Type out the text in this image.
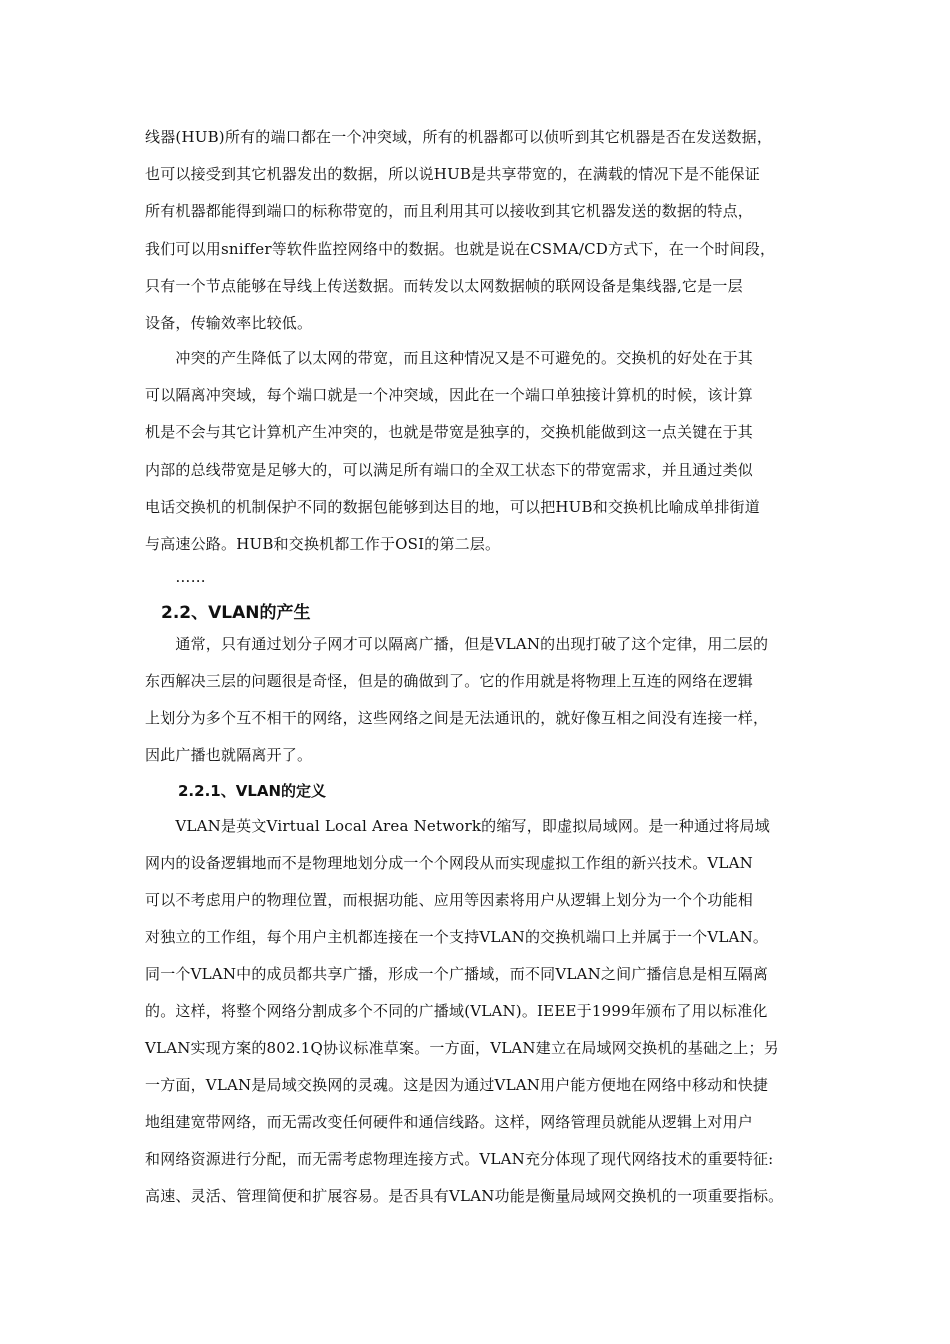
线器(HUB)所有的端口都在一个冲突域，所有的机器都可以侦听到其它机器是否在发送数据，
也可以接受到其它机器发出的数据，所以说HUB是共享带宽的，在满载的情况下是不能保证
所有机器都能得到端口的标称带宽的，而且利用其可以接收到其它机器发送的数据的特点，
我们可以用sniffer等软件监控网络中的数据。也就是说在CSMA/CD方式下，在一个时间段，
只有一个节点能够在导线上传送数据。而转发以太网数据帧的联网设备是集线器,它是一层
设备，传输效率比较低。
　　冲突的产生降低了以太网的带宽，而且这种情况又是不可避免的。交换机的好处在于其
可以隔离冲突域，每个端口就是一个冲突域，因此在一个端口单独接计算机的时候，该计算
机是不会与其它计算机产生冲突的，也就是带宽是独享的，交换机能做到这一点关键在于其
内部的总线带宽是足够大的，可以满足所有端口的全双工状态下的带宽需求，并且通过类似
电话交换机的机制保护不同的数据包能够到达目的地，可以把HUB和交换机比喻成单排街道
与高速公路。HUB和交换机都工作于OSI的第二层。
　　……
2.2、VLAN的产生
　　通常，只有通过划分子网才可以隔离广播，但是VLAN的出现打破了这个定律，用二层的
东西解决三层的问题很是奇怪，但是的确做到了。它的作用就是将物理上互连的网络在逻辑
上划分为多个互不相干的网络，这些网络之间是无法通讯的，就好像互相之间没有连接一样，
因此广播也就隔离开了。
2.2.1、VLAN的定义
　　VLAN是英文Virtual Local Area Network的缩写，即虚拟局域网。是一种通过将局域
网内的设备逻辑地而不是物理地划分成一个个网段从而实现虚拟工作组的新兴技术。VLAN
可以不考虑用户的物理位置，而根据功能、应用等因素将用户从逻辑上划分为一个个功能相
对独立的工作组，每个用户主机都连接在一个支持VLAN的交换机端口上并属于一个VLAN。
同一个VLAN中的成员都共享广播，形成一个广播域，而不同VLAN之间广播信息是相互隔离
的。这样，将整个网络分割成多个不同的广播域(VLAN)。IEEE于1999年颁布了用以标准化
VLAN实现方案的802.1Q协议标准草案。一方面，VLAN建立在局域网交换机的基础之上；另
一方面，VLAN是局域交换网的灵魂。这是因为通过VLAN用户能方便地在网络中移动和快捷
地组建宽带网络，而无需改变任何硬件和通信线路。这样，网络管理员就能从逻辑上对用户
和网络资源进行分配，而无需考虑物理连接方式。VLAN充分体现了现代网络技术的重要特征:
高速、灵活、管理简便和扩展容易。是否具有VLAN功能是衡量局域网交换机的一项重要指标。
